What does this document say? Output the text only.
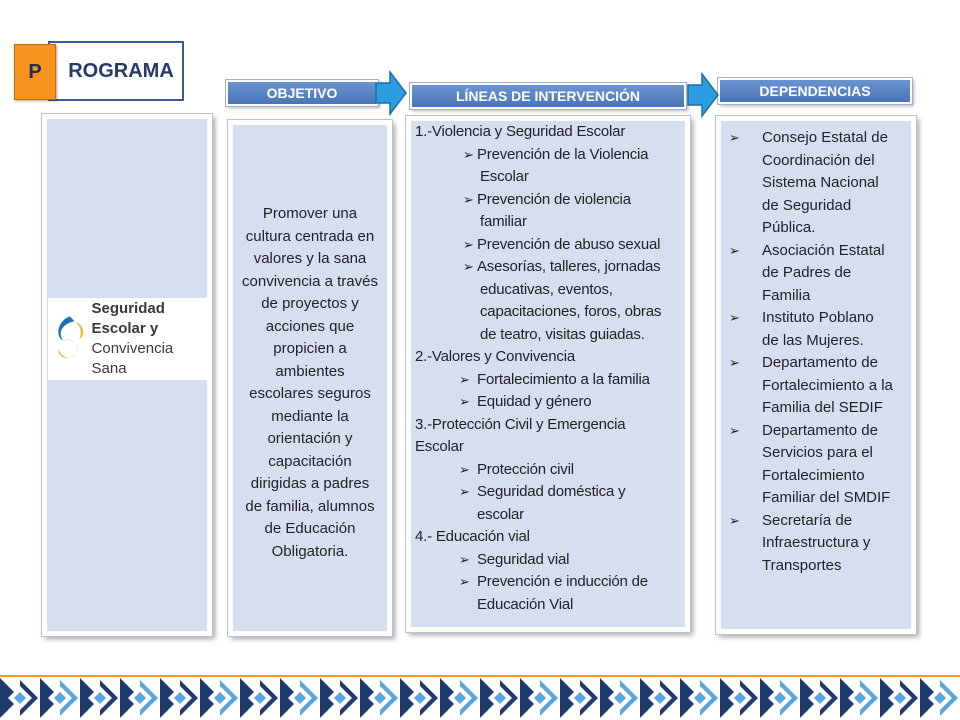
ROGRAMA
P
OBJETIVO	LÍNEAS DE INTERVENCIÓN	DEPENDENCIAS
Seguridad Escolar y
Convivencia Sana
Promover una
cultura centrada en
valores y la sana
convivencia a través
de proyectos y
acciones que
propicien a
ambientes
escolares seguros
mediante la
orientación y
capacitación
dirigidas a padres
de familia, alumnos
de Educación
Obligatoria.
1.-Violencia y Seguridad Escolar
➢ Prevención de la Violencia
Escolar
➢ Prevención de violencia
familiar
➢ Prevención de abuso sexual
➢ Asesorías, talleres, jornadas
educativas, eventos,
capacitaciones, foros, obras
de teatro, visitas guiadas.
2.-Valores y Convivencia
➢ Fortalecimiento a la familia
➢ Equidad y género
3.-Protección Civil y Emergencia
Escolar
➢ Protección civil
➢ Seguridad doméstica y
escolar
4.- Educación vial
➢ Seguridad vial
➢ Prevención e inducción de
Educación Vial
➢ Consejo Estatal de
Coordinación del
Sistema Nacional
de Seguridad
Pública.
➢ Asociación Estatal
de Padres de
Familia
➢ Instituto Poblano
de las Mujeres.
➢ Departamento de
Fortalecimiento a la
Familia del SEDIF
➢ Departamento de
Servicios para el
Fortalecimiento
Familiar del SMDIF
➢ Secretaría de
Infraestructura y
Transportes
